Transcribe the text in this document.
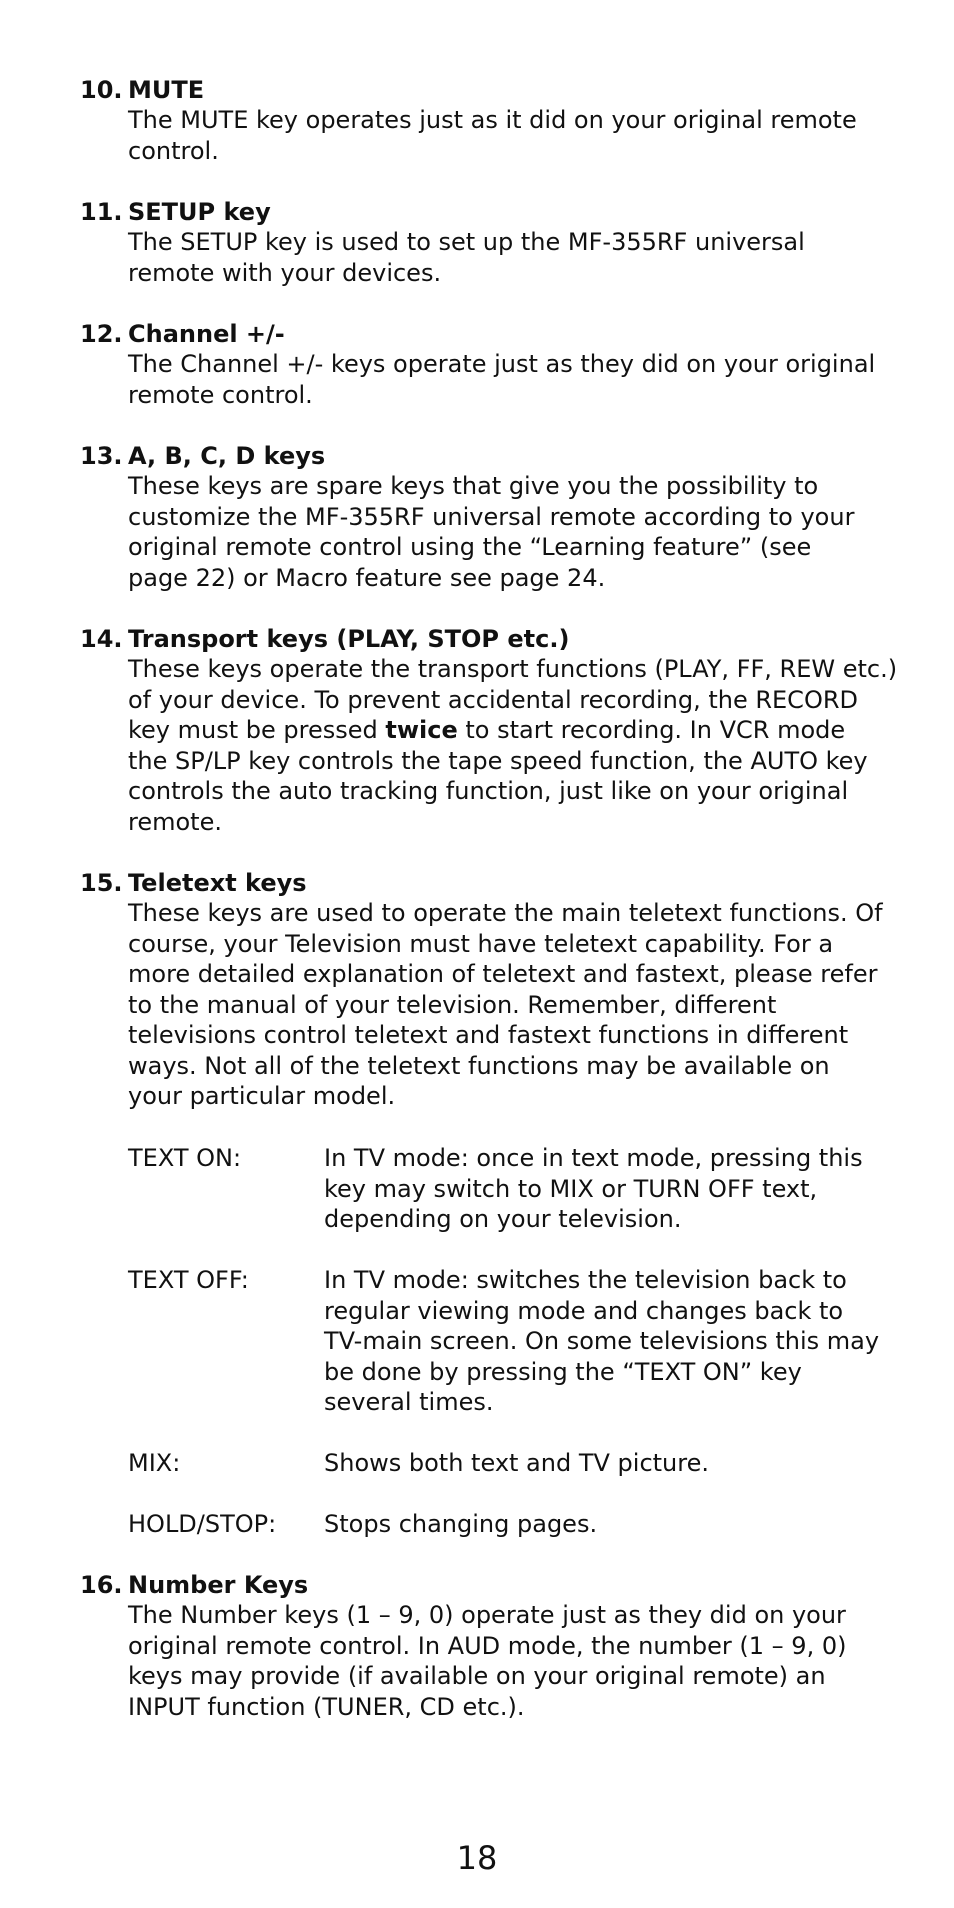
10. MUTE
The MUTE key operates just as it did on your original remote
control.
11. SETUP key
The SETUP key is used to set up the MF-355RF universal
remote with your devices.
12. Channel +/-
The Channel +/- keys operate just as they did on your original
remote control.
13. A, B, C, D keys
These keys are spare keys that give you the possibility to
customize the MF-355RF universal remote according to your
original remote control using the “Learning feature” (see
page 22) or Macro feature see page 24.
14. Transport keys (PLAY, STOP etc.)
These keys operate the transport functions (PLAY, FF, REW etc.)
of your device. To prevent accidental recording, the RECORD
key must be pressed twice to start recording. In VCR mode
the SP/LP key controls the tape speed function, the AUTO key
controls the auto tracking function, just like on your original
remote.
15. Teletext keys
These keys are used to operate the main teletext functions. Of
course, your Television must have teletext capability. For a
more detailed explanation of teletext and fastext, please refer
to the manual of your television. Remember, different
televisions control teletext and fastext functions in different
ways. Not all of the teletext functions may be available on
your particular model.
TEXT ON:	In TV mode: once in text mode, pressing this
key may switch to MIX or TURN OFF text,
depending on your television.
TEXT OFF:	In TV mode: switches the television back to
regular viewing mode and changes back to
TV-main screen. On some televisions this may
be done by pressing the “TEXT ON” key
several times.
MIX:	Shows both text and TV picture.
HOLD/STOP:	Stops changing pages.
16. Number Keys
The Number keys (1 – 9, 0) operate just as they did on your
original remote control. In AUD mode, the number (1 – 9, 0)
keys may provide (if available on your original remote) an
INPUT function (TUNER, CD etc.).
18
